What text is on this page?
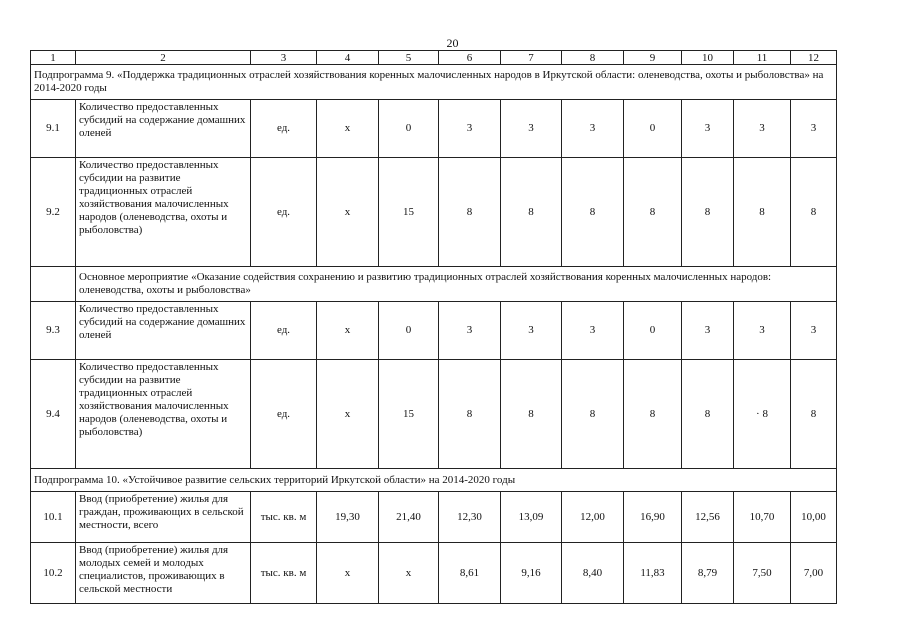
20
1	2	3	4	5	6	7	8	9	10	11	12
Подпрограмма 9. «Поддержка традиционных отраслей хозяйствования коренных малочисленных народов в Иркутской области: оленеводства, охоты и рыболовства» на 2014-2020 годы											
9.1	Количество предоставленных субсидий на содержание домашних оленей	ед.	x	0	3	3	3	0	3	3	3
9.2	Количество предоставленных субсидии на развитие традиционных отраслей хозяйствования малочисленных народов (оленеводства, охоты и рыболовства)	ед.	x	15	8	8	8	8	8	8	8
	Основное мероприятие «Оказание содействия сохранению и развитию традиционных отраслей хозяйствования коренных малочисленных народов: оленеводства, охоты и рыболовства»										
9.3	Количество предоставленных субсидий на содержание домашних оленей	ед.	x	0	3	3	3	0	3	3	3
9.4	Количество предоставленных субсидии на развитие традиционных отраслей хозяйствования малочисленных народов (оленеводства, охоты и рыболовства)	ед.	x	15	8	8	8	8	8	· 8	8
Подпрограмма 10. «Устойчивое развитие сельских территорий Иркутской области» на 2014-2020 годы											
10.1	Ввод (приобретение) жилья для граждан, проживающих в сельской местности, всего	тыс. кв. м	19,30	21,40	12,30	13,09	12,00	16,90	12,56	10,70	10,00
10.2	Ввод (приобретение) жилья для молодых семей и молодых специалистов, проживающих в сельской местности	тыс. кв. м	x	x	8,61	9,16	8,40	11,83	8,79	7,50	7,00
